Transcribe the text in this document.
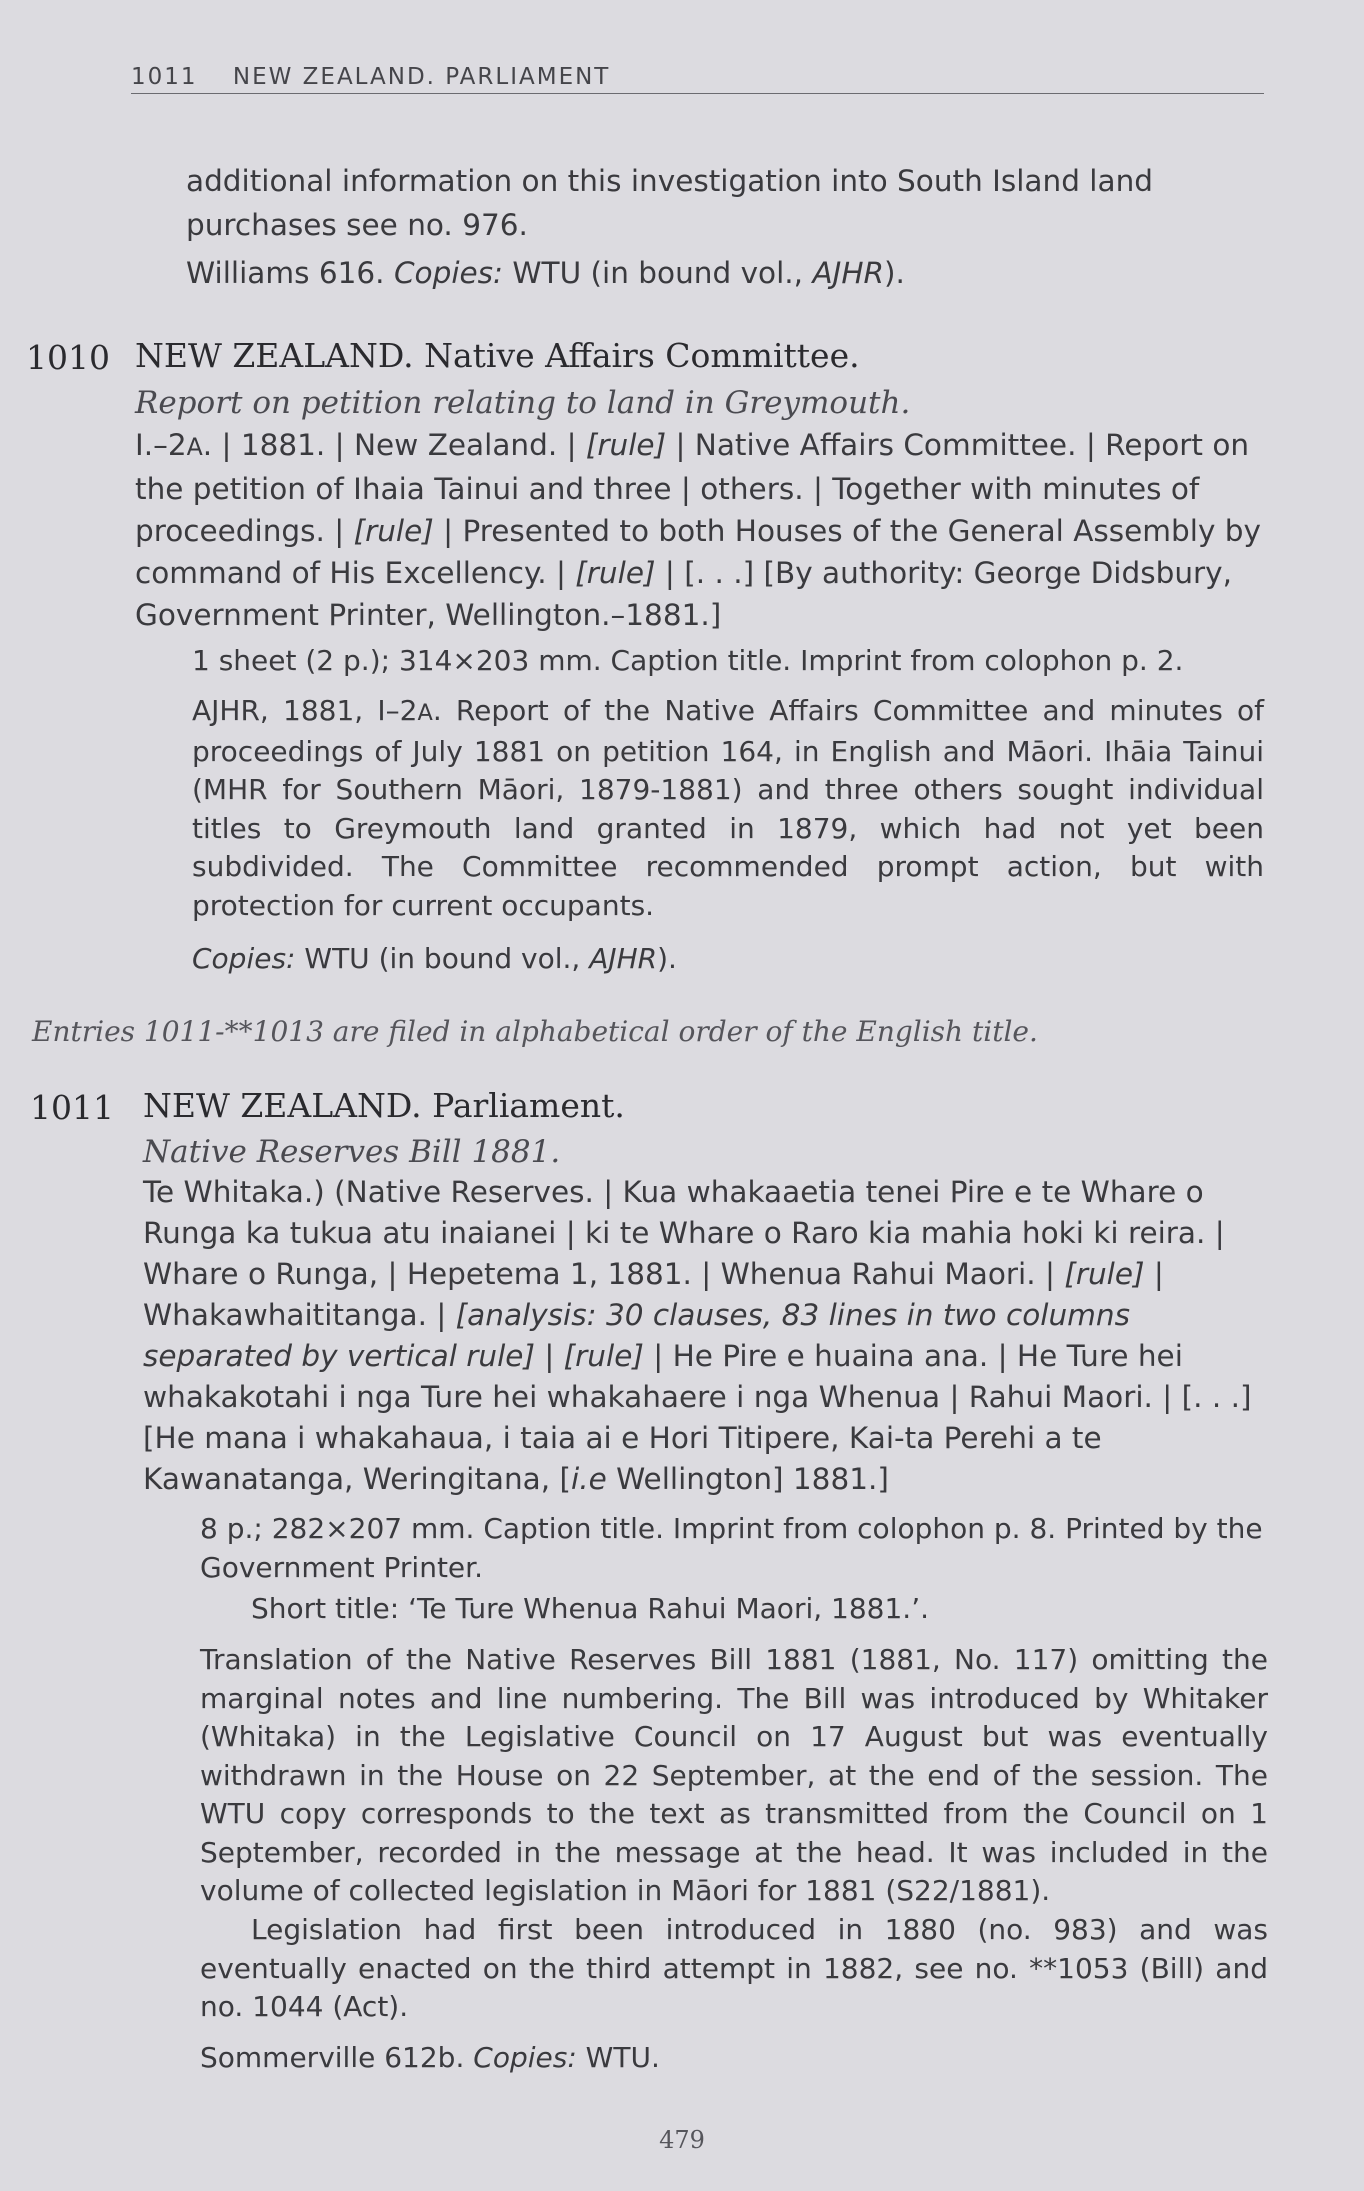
1011 NEW ZEALAND. PARLIAMENT

additional information on this investigation into South Island land purchases see no. 976.

Williams 616. Copies: WTU (in bound vol., AJHR).
1010 NEW ZEALAND. Native Affairs Committee.
Report on petition relating to land in Greymouth.
I.–2A. | 1881. | New Zealand. | [rule] | Native Affairs Committee. | Report on the petition of Ihaia Tainui and three | others. | Together with minutes of proceedings. | [rule] | Presented to both Houses of the General Assembly by command of His Excellency. | [rule] | [. . .] [By authority: George Didsbury, Government Printer, Wellington.–1881.]
1 sheet (2 p.); 314×203 mm. Caption title. Imprint from colophon p. 2.
AJHR, 1881, I–2A. Report of the Native Affairs Committee and minutes of proceedings of July 1881 on petition 164, in English and Māori. Ihāia Tainui (MHR for Southern Māori, 1879-1881) and three others sought individual titles to Greymouth land granted in 1879, which had not yet been subdivided. The Committee recommended prompt action, but with protection for current occupants.
Copies: WTU (in bound vol., AJHR).
Entries 1011-**1013 are filed in alphabetical order of the English title.
1011 NEW ZEALAND. Parliament.
Native Reserves Bill 1881.
Te Whitaka.) (Native Reserves. | Kua whakaaetia tenei Pire e te Whare o Runga ka tukua atu inaianei | ki te Whare o Raro kia mahia hoki ki reira. | Whare o Runga, | Hepetema 1, 1881. | Whenua Rahui Maori. | [rule] | Whakawhaititanga. | [analysis: 30 clauses, 83 lines in two columns separated by vertical rule] | [rule] | He Pire e huaina ana. | He Ture hei whakakotahi i nga Ture hei whakahaere i nga Whenua | Rahui Maori. | [. . .] [He mana i whakahaua, i taia ai e Hori Titipere, Kai-ta Perehi a te Kawanatanga, Weringitana, [i.e Wellington] 1881.]
8 p.; 282×207 mm. Caption title. Imprint from colophon p. 8. Printed by the Government Printer.
Short title: ‘Te Ture Whenua Rahui Maori, 1881.’.
Translation of the Native Reserves Bill 1881 (1881, No. 117) omitting the marginal notes and line numbering. The Bill was introduced by Whitaker (Whitaka) in the Legislative Council on 17 August but was eventually withdrawn in the House on 22 September, at the end of the session. The WTU copy corresponds to the text as transmitted from the Council on 1 September, recorded in the message at the head. It was included in the volume of collected legislation in Māori for 1881 (S22/1881).
Legislation had first been introduced in 1880 (no. 983) and was eventually enacted on the third attempt in 1882, see no. **1053 (Bill) and no. 1044 (Act).
Sommerville 612b. Copies: WTU.
479
